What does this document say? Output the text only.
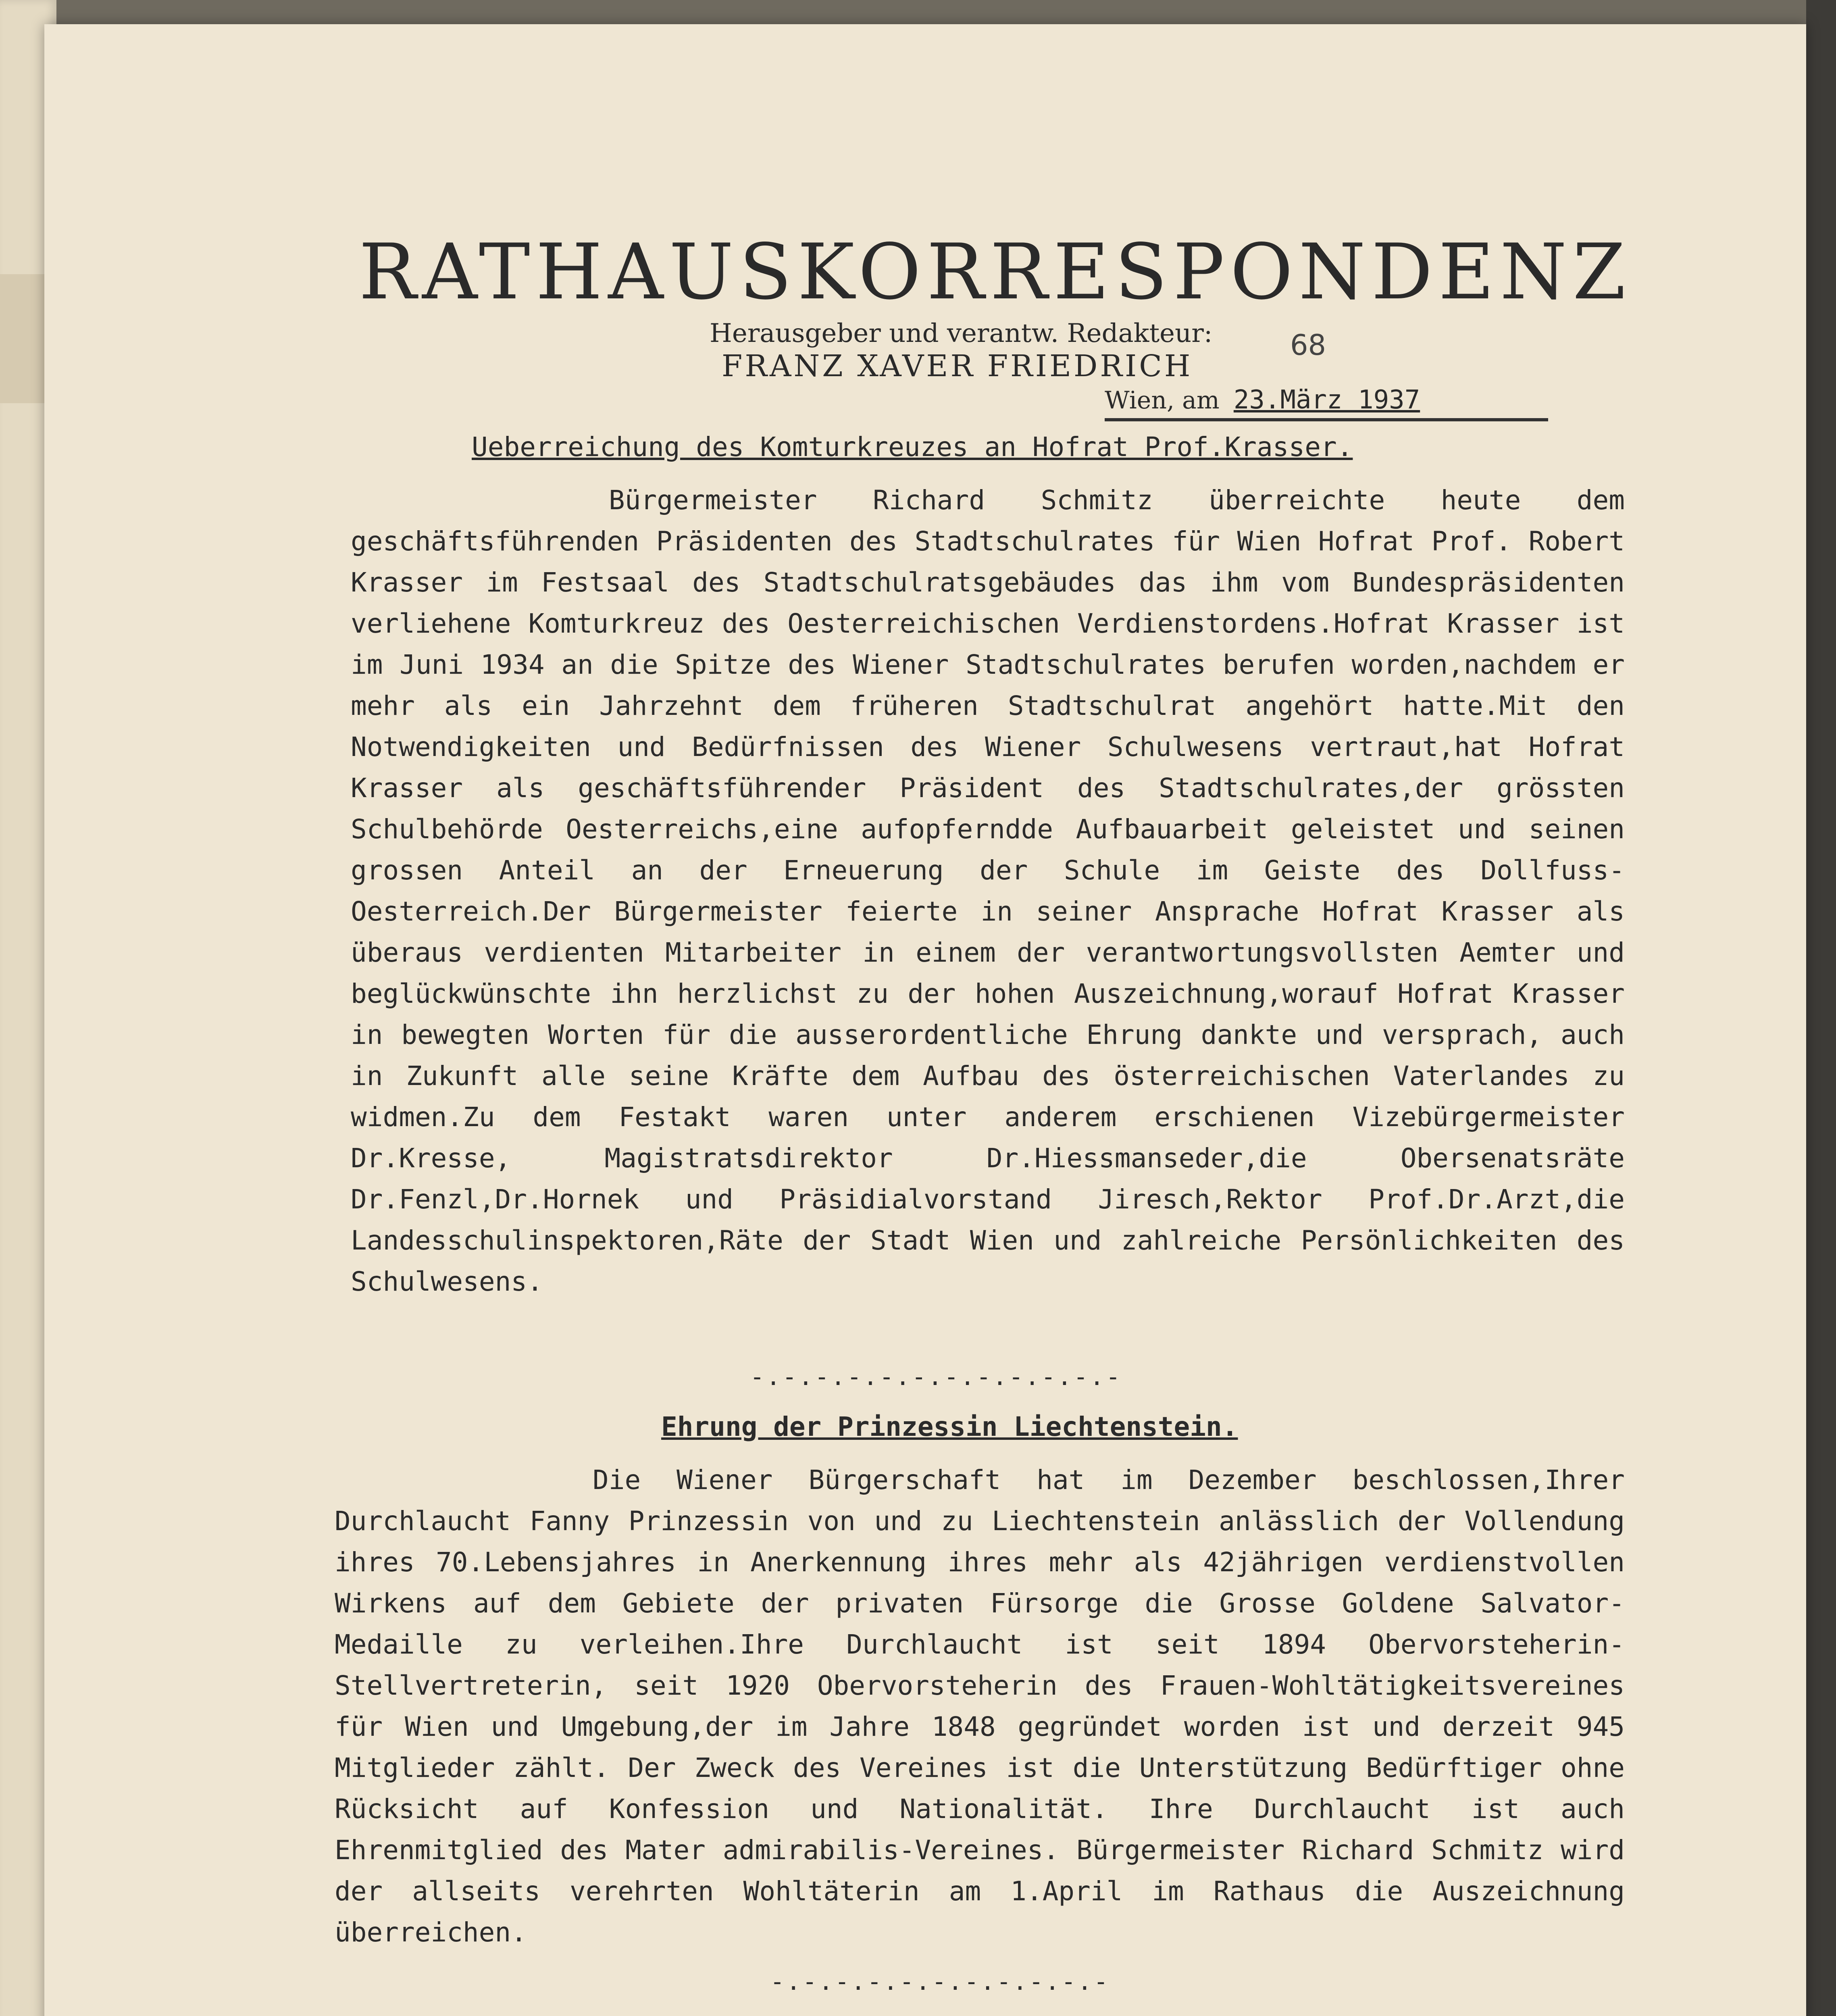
RATHAUSKORRESPONDENZ
Herausgeber und verantw. Redakteur:
FRANZ XAVER FRIEDRICH
68
Wien, am 23.März 1937
Ueberreichung des Komturkreuzes an Hofrat Prof.Krasser.

Bürgermeister Richard Schmitz überreichte heute dem geschäftsführenden Präsidenten des Stadtschulrates für Wien Hofrat Prof. Robert Krasser im Festsaal des Stadtschulratsgebäudes das ihm vom Bundespräsidenten verliehene Komturkreuz des Oesterreichischen Verdienstordens.Hofrat Krasser ist im Juni 1934 an die Spitze des Wiener Stadtschulrates berufen worden,nachdem er mehr als ein Jahrzehnt dem früheren Stadtschulrat angehört hatte.Mit den Notwendigkeiten und Bedürfnissen des Wiener Schulwesens vertraut,hat Hofrat Krasser als geschäftsführender Präsident des Stadtschulrates,der grössten Schulbehörde Oesterreichs,eine aufopferndde Aufbauarbeit geleistet und seinen grossen Anteil an der Erneuerung der Schule im Geiste des Dollfuss-Oesterreich.Der Bürgermeister feierte in seiner Ansprache Hofrat Krasser als überaus verdienten Mitarbeiter in einem der verantwortungsvollsten Aemter und beglückwünschte ihn herzlichst zu der hohen Auszeichnung,worauf Hofrat Krasser in bewegten Worten für die ausserordentliche Ehrung dankte und versprach, auch in Zukunft alle seine Kräfte dem Aufbau des österreichischen Vaterlandes zu widmen.Zu dem Festakt waren unter anderem erschienen Vizebürgermeister Dr.Kresse, Magistratsdirektor Dr.Hiessmanseder,die Obersenatsräte Dr.Fenzl,Dr.Hornek und Präsidialvorstand Jiresch,Rektor Prof.Dr.Arzt,die Landesschulinspektoren,Räte der Stadt Wien und zahlreiche Persönlichkeiten des Schulwesens.

-.-.-.-.-.-.-.-.-.-.-.-
Ehrung der Prinzessin Liechtenstein.

Die Wiener Bürgerschaft hat im Dezember beschlossen,Ihrer Durchlaucht Fanny Prinzessin von und zu Liechtenstein anlässlich der Vollendung ihres 70.Lebensjahres in Anerkennung ihres mehr als 42jährigen verdienstvollen Wirkens auf dem Gebiete der privaten Fürsorge die Grosse Goldene Salvator-Medaille zu verleihen.Ihre Durchlaucht ist seit 1894 Obervorsteherin-Stellvertreterin, seit 1920 Obervorsteherin des Frauen-Wohltätigkeitsvereines für Wien und Umgebung,der im Jahre 1848 gegründet worden ist und derzeit 945 Mitglieder zählt. Der Zweck des Vereines ist die Unterstützung Bedürftiger ohne Rücksicht auf Konfession und Nationalität. Ihre Durchlaucht ist auch Ehrenmitglied des Mater admirabilis-Vereines. Bürgermeister Richard Schmitz wird der allseits verehrten Wohltäterin am 1.April im Rathaus die Auszeichnung überreichen.

-.-.-.-.-.-.-.-.-.-.-
